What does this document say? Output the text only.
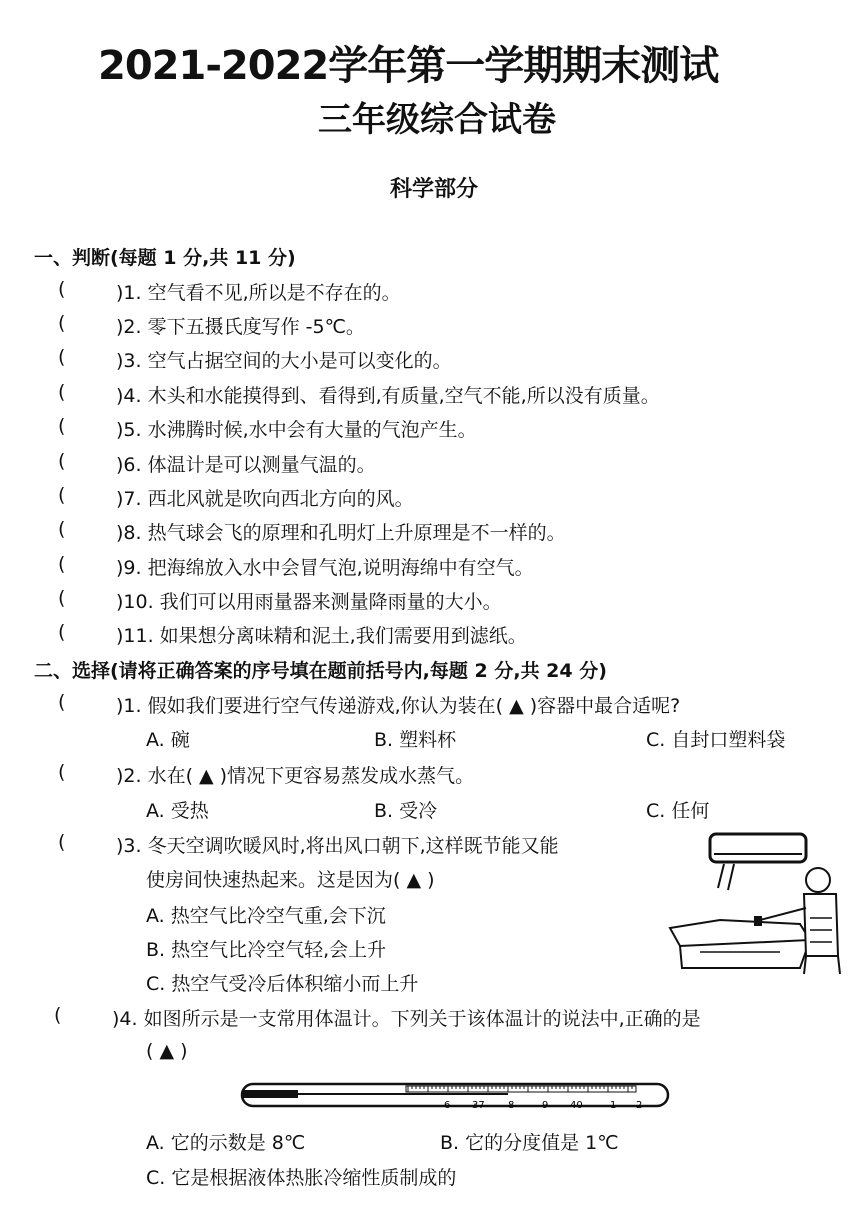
2021-2022学年第一学期期末测试
三年级综合试卷
科学部分
一、判断(每题 1 分,共 11 分)
(	)1. 空气看不见,所以是不存在的。
(	)2. 零下五摄氏度写作 -5℃。
(	)3. 空气占据空间的大小是可以变化的。
(	)4. 木头和水能摸得到、看得到,有质量,空气不能,所以没有质量。
(	)5. 水沸腾时候,水中会有大量的气泡产生。
(	)6. 体温计是可以测量气温的。
(	)7. 西北风就是吹向西北方向的风。
(	)8. 热气球会飞的原理和孔明灯上升原理是不一样的。
(	)9. 把海绵放入水中会冒气泡,说明海绵中有空气。
(	)10. 我们可以用雨量器来测量降雨量的大小。
(	)11. 如果想分离味精和泥土,我们需要用到滤纸。
二、选择(请将正确答案的序号填在题前括号内,每题 2 分,共 24 分)
(	)1. 假如我们要进行空气传递游戏,你认为装在( ▲ )容器中最合适呢?
A. 碗	B. 塑料杯	C. 自封口塑料袋
(	)2. 水在( ▲ )情况下更容易蒸发成水蒸气。
A. 受热	B. 受冷	C. 任何
(	)3. 冬天空调吹暖风时,将出风口朝下,这样既节能又能
使房间快速热起来。这是因为( ▲ )
A. 热空气比冷空气重,会下沉
B. 热空气比冷空气轻,会上升
C. 热空气受冷后体积缩小而上升
(	)4. 如图所示是一支常用体温计。下列关于该体温计的说法中,正确的是
( ▲ )
6 37 8	9 40	1 2
A. 它的示数是 8℃	B. 它的分度值是 1℃
C. 它是根据液体热胀冷缩性质制成的
